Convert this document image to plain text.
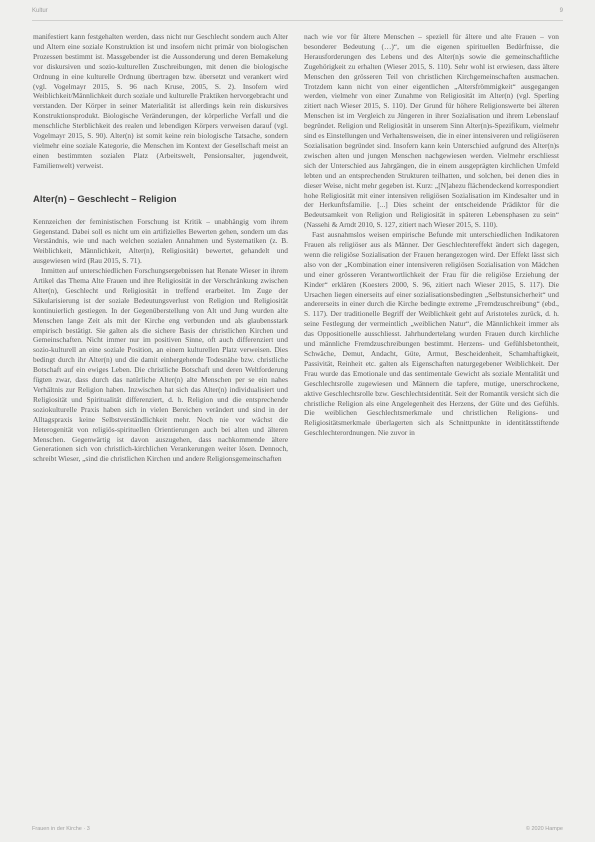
Kultur	9

manifestiert kann festgehalten werden, dass nicht nur Geschlecht sondern auch Alter und Altern eine soziale Konstruktion ist und insofern nicht primär von biologischen Prozessen bestimmt ist. Massgebender ist die Aussonderung und deren Bemakelung vor diskursiven und sozio-kulturellen Zuschreibungen, mit denen die biologische Ordnung in eine kulturelle Ordnung übertragen bzw. übersetzt und verankert wird (vgl. Vogelmayr 2015, S. 96 nach Kruse, 2005, S. 2). Insofern wird Weiblichkeit/Männlichkeit durch soziale und kulturelle Praktiken hervorgebracht und verstanden. Der Körper in seiner Materialität ist allerdings kein rein diskursives Konstruktionsprodukt. Biologische Veränderungen, der körperliche Verfall und die menschliche Sterblichkeit des realen und lebendigen Körpers verweisen darauf (vgl. Vogelmayr 2015, S. 90). Alter(n) ist somit keine rein biologische Tatsache, sondern vielmehr eine soziale Kategorie, die Menschen im Kontext der Gesellschaft meist an einen bestimmten sozialen Platz (Arbeitswelt, Pensionsalter, jugendweit, Familienwelt) verweist.

Alter(n) – Geschlecht – Religion

Kennzeichen der feministischen Forschung ist Kritik – unabhängig vom ihrem Gegenstand. Dabei soll es nicht um ein artifizielles Bewerten gehen, sondern um das Verständnis, wie und nach welchen sozialen Annahmen und Systematiken (z. B. Weiblichkeit, Männlichkeit, Alter(n), Religiosität) bewertet, gehandelt und ausgewiesen wird (Rau 2015, S. 71).

Inmitten auf unterschiedlichen Forschungsergebnissen hat Renate Wieser in ihrem Artikel das Thema Alte Frauen und ihre Religiosität in der Verschränkung zwischen Alter(n), Geschlecht und Religiosität in treffend erarbeitet. Im Zuge der Säkularisierung ist der soziale Bedeutungsverlust von Religion und Religiosität kontinuierlich gestiegen. In der Gegenüberstellung von Alt und Jung wurden alte Menschen lange Zeit als mit der Kirche eng verbunden und als glaubensstark empirisch bestätigt. Sie galten als die sichere Basis der christlichen Kirchen und Gemeinschaften. Nicht immer nur im positiven Sinne, oft auch differenziert und sozio-kulturell an eine soziale Position, an einem kulturellen Platz verweisen. Dies bedingt durch ihr Alter(n) und die damit einhergehende Todesnähe bzw. christliche Botschaft auf ein ewiges Leben. Die christliche Botschaft und deren Weltforderung fügten zwar, dass durch das natürliche Alter(n) alte Menschen per se ein nahes Verhältnis zur Religion haben. Inzwischen hat sich das Alter(n) individualisiert und Religiosität und Spiritualität differenziert, d. h. Religion und die entsprechende soziokulturelle Praxis haben sich in vielen Bereichen verändert und sind in der Alltagspraxis keine Selbstverständlichkeit mehr. Noch nie vor wächst die Heterogenität von religiös-spirituellen Orientierungen auch bei alten und älteren Menschen. Gegenwärtig ist davon auszugehen, dass nachkommende ältere Generationen sich von christlich-kirchlichen Verankerungen weiter lösen. Dennoch, schreibt Wieser, „sind die christlichen Kirchen und andere Religionsgemeinschaften

nach wie vor für ältere Menschen – speziell für ältere und alte Frauen – von besonderer Bedeutung (…)“, um die eigenen spirituellen Bedürfnisse, die Herausforderungen des Lebens und des Alter(n)s sowie die gemeinschaftliche Zugehörigkeit zu erhalten (Wieser 2015, S. 110). Sehr wohl ist erwiesen, dass ältere Menschen den grösseren Teil von christlichen Kirchgemeinschaften ausmachen. Trotzdem kann nicht von einer eigentlichen „Altersfrömmigkeit“ ausgegangen werden, vielmehr von einer Zunahme von Religiosität im Alter(n) (vgl. Sperling zitiert nach Wieser 2015, S. 110). Der Grund für höhere Religionswerte bei älteren Menschen ist im Vergleich zu Jüngeren in ihrer Sozialisation und ihrem Lebenslauf begründet. Religion und Religiosität in unserem Sinn Alter(n)s-Spezifikum, vielmehr sind es Einstellungen und Verhaltensweisen, die in einer intensiveren und religiöseren Sozialisation begründet sind. Insofern kann kein Unterschied aufgrund des Alter(n)s zwischen alten und jungen Menschen nachgewiesen werden. Vielmehr erschliesst sich der Unterschied aus Jahrgängen, die in einem ausgeprägten kirchlichen Umfeld lebten und an entsprechenden Strukturen teilhatten, und solchen, bei denen dies in dieser Weise, nicht mehr gegeben ist. Kurz: „[N]ahezu flächendeckend korrespondiert hohe Religiosität mit einer intensiven religiösen Sozialisation im Kindesalter und in der Herkunftsfamilie. [...] Dies scheint der entscheidende Prädiktor für die Bedeutsamkeit von Religion und Religiosität in späteren Lebensphasen zu sein“ (Nassehi & Arndt 2010, S. 127, zitiert nach Wieser 2015, S. 110).

Fast ausnahmslos weisen empirische Befunde mit unterschiedlichen Indikatoren Frauen als religiöser aus als Männer. Der Geschlechtereffekt ändert sich dagegen, wenn die religiöse Sozialisation der Frauen herangezogen wird. Der Effekt lässt sich also von der „Kombination einer intensiveren religiösen Sozialisation von Mädchen und einer grösseren Verantwortlichkeit der Frau für die religiöse Erziehung der Kinder“ erklären (Koesters 2000, S. 96, zitiert nach Wieser 2015, S. 117). Die Ursachen liegen einerseits auf einer sozialisationsbedingten „Selbstunsicherheit“ und andererseits in einer durch die Kirche bedingte extreme „Fremdzuschreibung“ (ebd., S. 117). Der traditionelle Begriff der Weiblichkeit geht auf Aristoteles zurück, d. h. seine Festlegung der vermeintlich „weiblichen Natur“, die Männlichkeit immer als das Oppositionelle ausschliesst. Jahrhundertelang wurden Frauen durch kirchliche und männliche Fremdzuschreibungen bestimmt. Herzens- und Gefühlsbetontheit, Schwäche, Demut, Andacht, Güte, Armut, Bescheidenheit, Schamhaftigkeit, Passivität, Reinheit etc. galten als Eigenschaften naturgegebener Weiblichkeit. Der Frau wurde das Emotionale und das sentimentale Gewicht als soziale Mentalität und Geschlechtsrolle zugewiesen und Männern die tapfere, mutige, unerschrockene, aktive Geschlechtsrolle bzw. Geschlechtsidentität. Seit der Romantik versicht sich die christliche Religion als eine Angelegenheit des Herzens, der Güte und des Gefühls. Die weiblichen Geschlechtsmerkmale und christlichen Religions- und Religiositätsmerkmale überlagerten sich als Schnittpunkte in identitätsstiftende Geschlechterordnungen. Nie zuvor in

Frauen in der Kirche · 3	© 2020 Hampe
